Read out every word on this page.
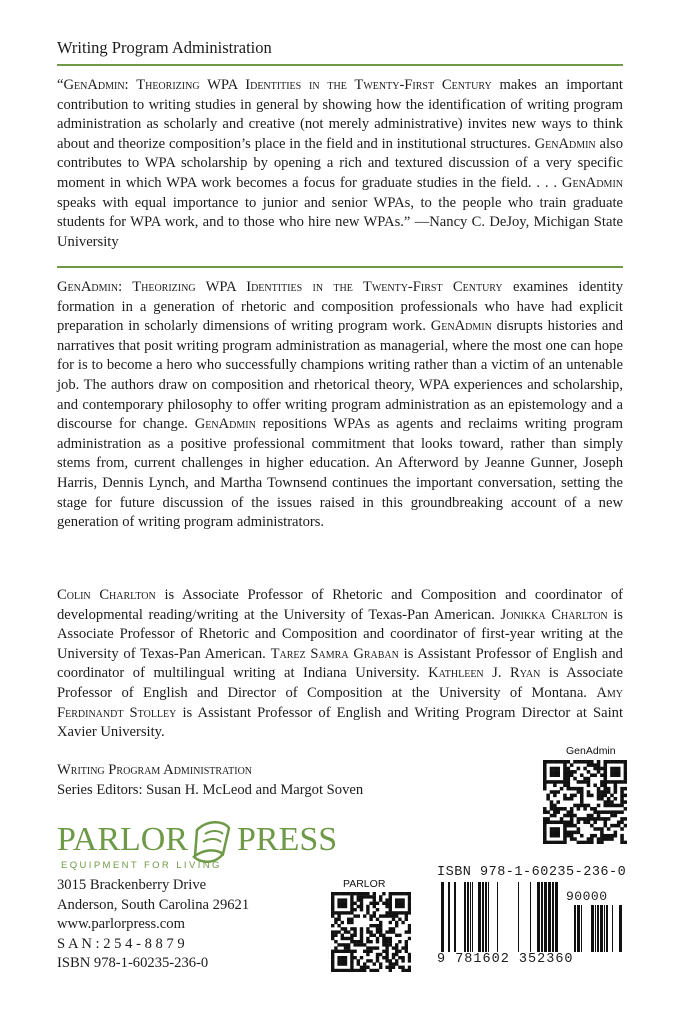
Writing Program Administration
“GenAdmin: Theorizing WPA Identities in the Twenty-First Century makes an important contribution to writing studies in general by showing how the identification of writing program administration as scholarly and creative (not merely administrative) invites new ways to think about and theorize composition’s place in the field and in institutional structures. GenAdmin also contributes to WPA scholarship by opening a rich and textured discussion of a very specific moment in which WPA work becomes a focus for graduate studies in the field. . . . GenAdmin speaks with equal importance to junior and senior WPAs, to the people who train graduate students for WPA work, and to those who hire new WPAs.” —Nancy C. DeJoy, Michigan State University
GenAdmin: Theorizing WPA Identities in the Twenty-First Century examines identity formation in a generation of rhetoric and composition professionals who have had explicit preparation in scholarly dimensions of writing program work. GenAdmin disrupts histories and narratives that posit writing program administration as managerial, where the most one can hope for is to become a hero who successfully champions writing rather than a victim of an untenable job. The authors draw on composition and rhetorical theory, WPA experiences and scholarship, and contemporary philosophy to offer writing program administration as an epistemology and a discourse for change. GenAdmin repositions WPAs as agents and reclaims writing program administration as a positive professional commitment that looks toward, rather than simply stems from, current challenges in higher education. An Afterword by Jeanne Gunner, Joseph Harris, Dennis Lynch, and Martha Townsend continues the important conversation, setting the stage for future discussion of the issues raised in this groundbreaking account of a new generation of writing program administrators.
Colin Charlton is Associate Professor of Rhetoric and Composition and coordinator of developmental reading/writing at the University of Texas-Pan American. Jonikka Charlton is Associate Professor of Rhetoric and Composition and coordinator of first-year writing at the University of Texas-Pan American. Tarez Samra Graban is Assistant Professor of English and coordinator of multilingual writing at Indiana University. Kathleen J. Ryan is Associate Professor of English and Director of Composition at the University of Montana. Amy Ferdinandt Stolley is Assistant Professor of English and Writing Program Director at Saint Xavier University.
Writing Program Administration
Series Editors: Susan H. McLeod and Margot Soven
PARLOR PRESS
EQUIPMENT FOR LIVING
3015 Brackenberry Drive
Anderson, South Carolina 29621
www.parlorpress.com
S A N : 2 5 4 - 8 8 7 9
ISBN 978-1-60235-236-0
GenAdmin
PARLOR
ISBN 978-1-60235-236-0
90000
9 781602 352360
